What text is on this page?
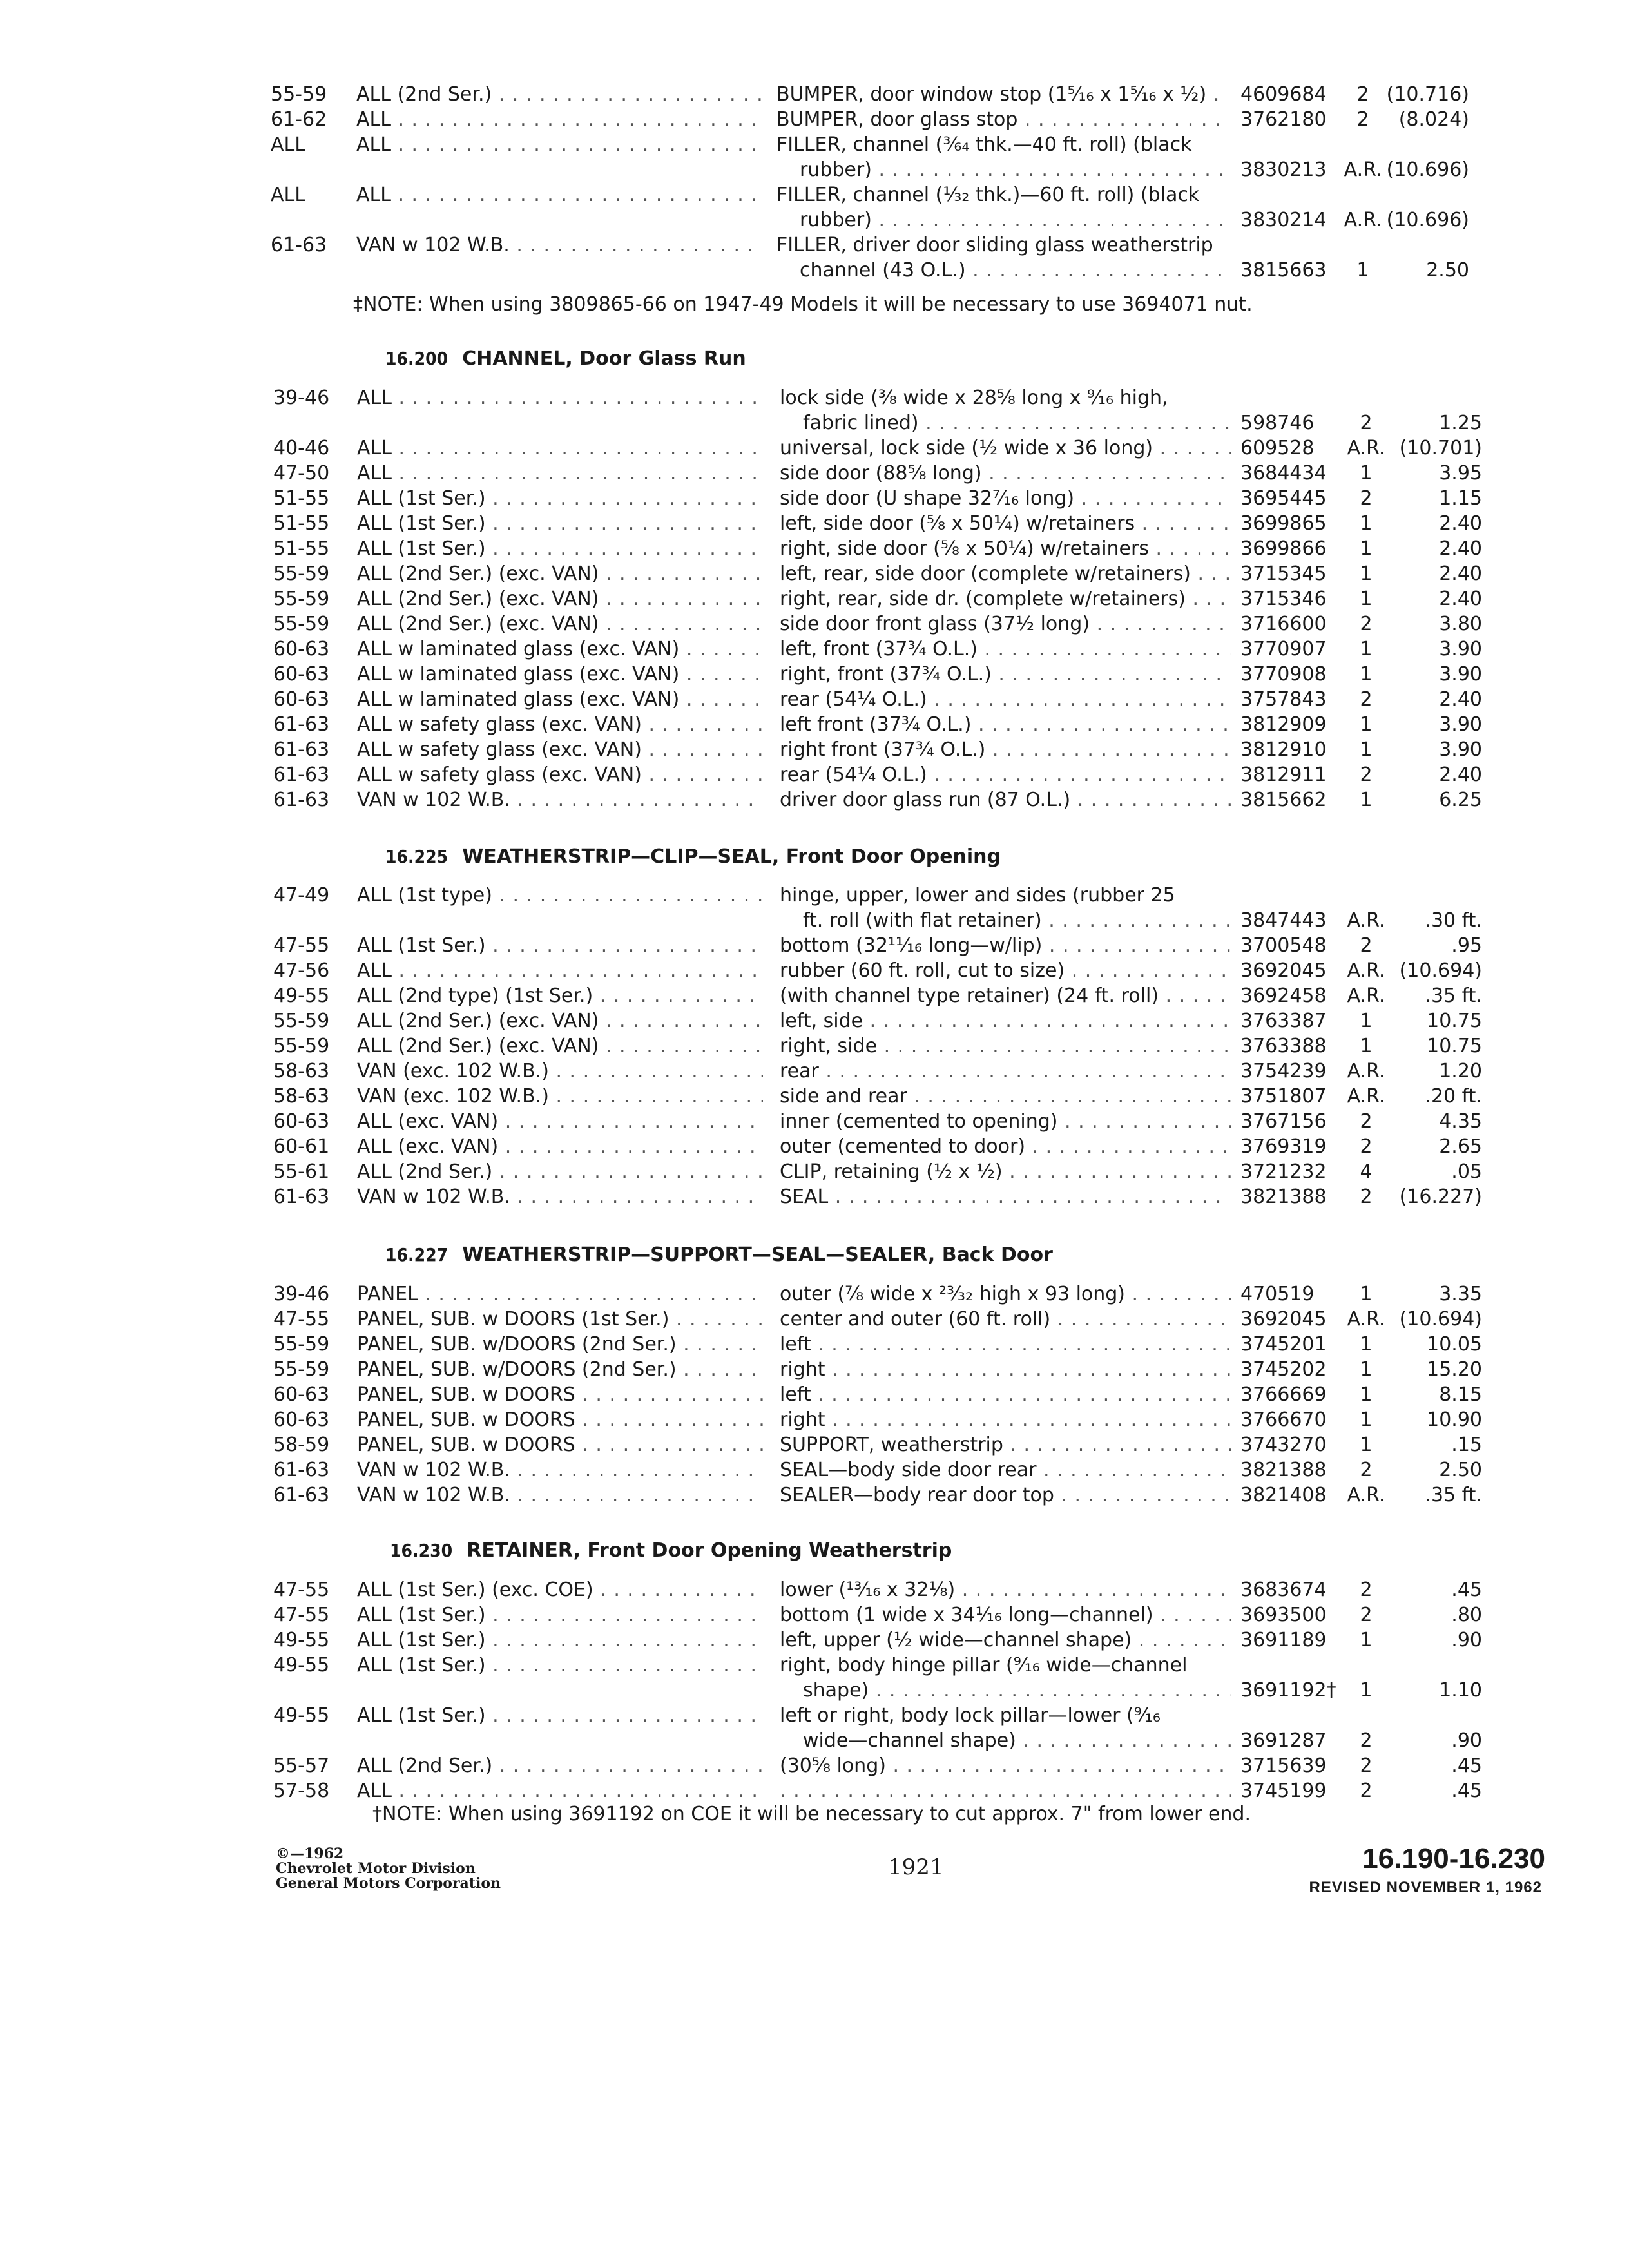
55-59	ALL (2nd Ser.) . . .	BUMPER, door window stop (1⁵⁄₁₆ x 1⁵⁄₁₆ x ½) . . .	4609684	2 (10.716)
61-62	ALL . . .	BUMPER, door glass stop . . .	3762180	2	(8.024)
ALL	ALL . . .	FILLER, channel (³⁄₆₄ thk.—40 ft. roll) (black
rubber) . . .	3830213 A.R. (10.696)
ALL	ALL . . .	FILLER, channel (¹⁄₃₂ thk.)—60 ft. roll) (black
rubber) . . .	3830214 A.R. (10.696)
61-63	VAN w 102 W.B. . . .	FILLER, driver door sliding glass weatherstrip
channel (43 O.L.) . . .	3815663	1	2.50
‡NOTE: When using 3809865-66 on 1947-49 Models it will be necessary to use 3694071 nut.
16.200 CHANNEL, Door Glass Run
39-46	ALL . . .	lock side (⅜ wide x 28⅝ long x ⁹⁄₁₆ high,
fabric lined) . . .	598746	2	1.25
40-46	ALL . . .	universal, lock side (½ wide x 36 long) . . .	609528	A.R. (10.701)
47-50	ALL . . .	side door (88⅝ long) . . .	3684434	1	3.95
51-55	ALL (1st Ser.) . . .	side door (U shape 32⁷⁄₁₆ long) . . .	3695445	2	1.15
51-55	ALL (1st Ser.) . . .	left, side door (⅝ x 50¼) w/retainers . . .	3699865	1	2.40
51-55	ALL (1st Ser.) . . .	right, side door (⅝ x 50¼) w/retainers . . .	3699866	1	2.40
55-59	ALL (2nd Ser.) (exc. VAN) . . .	left, rear, side door (complete w/retainers) . . .	3715345	1	2.40
55-59	ALL (2nd Ser.) (exc. VAN) . . .	right, rear, side dr. (complete w/retainers) . . .	3715346	1	2.40
55-59	ALL (2nd Ser.) (exc. VAN) . . .	side door front glass (37½ long) . . .	3716600	2	3.80
60-63	ALL w laminated glass (exc. VAN) . . .	left, front (37¾ O.L.) . . .	3770907	1	3.90
60-63	ALL w laminated glass (exc. VAN) . . .	right, front (37¾ O.L.) . . .	3770908	1	3.90
60-63	ALL w laminated glass (exc. VAN) . . .	rear (54¼ O.L.) . . .	3757843	2	2.40
61-63	ALL w safety glass (exc. VAN) . . .	left front (37¾ O.L.) . . .	3812909	1	3.90
61-63	ALL w safety glass (exc. VAN) . . .	right front (37¾ O.L.) . . .	3812910	1	3.90
61-63	ALL w safety glass (exc. VAN) . . .	rear (54¼ O.L.) . . .	3812911	2	2.40
61-63	VAN w 102 W.B. . . .	driver door glass run (87 O.L.) . . .	3815662	1	6.25
16.225 WEATHERSTRIP—CLIP—SEAL, Front Door Opening
47-49	ALL (1st type) . . .	hinge, upper, lower and sides (rubber 25
ft. roll (with flat retainer) . . .	3847443	A.R.	.30 ft.
47-55	ALL (1st Ser.) . . .	bottom (32¹¹⁄₁₆ long—w/lip) . . .	3700548	2	.95
47-56	ALL . . .	rubber (60 ft. roll, cut to size) . . .	3692045	A.R. (10.694)
49-55	ALL (2nd type) (1st Ser.) . . .	(with channel type retainer) (24 ft. roll) . . .	3692458	A.R.	.35 ft.
55-59	ALL (2nd Ser.) (exc. VAN) . . .	left, side . . .	3763387	1	10.75
55-59	ALL (2nd Ser.) (exc. VAN) . . .	right, side . . .	3763388	1	10.75
58-63	VAN (exc. 102 W.B.) . . .	rear . . .	3754239	A.R.	1.20
58-63	VAN (exc. 102 W.B.) . . .	side and rear . . .	3751807	A.R.	.20 ft.
60-63	ALL (exc. VAN) . . .	inner (cemented to opening) . . .	3767156	2	4.35
60-61	ALL (exc. VAN) . . .	outer (cemented to door) . . .	3769319	2	2.65
55-61	ALL (2nd Ser.) . . .	CLIP, retaining (½ x ½) . . .	3721232	4	.05
61-63	VAN w 102 W.B. . . .	SEAL . . .	3821388	2	(16.227)
16.227 WEATHERSTRIP—SUPPORT—SEAL—SEALER, Back Door
39-46	PANEL . . .	outer (⅞ wide x ²³⁄₃₂ high x 93 long) . . .	470519	1	3.35
47-55	PANEL, SUB. w DOORS (1st Ser.) . . .	center and outer (60 ft. roll) . . .	3692045	A.R. (10.694)
55-59	PANEL, SUB. w/DOORS (2nd Ser.) . . .	left . . .	3745201	1	10.05
55-59	PANEL, SUB. w/DOORS (2nd Ser.) . . .	right . . .	3745202	1	15.20
60-63	PANEL, SUB. w DOORS . . .	left . . .	3766669	1	8.15
60-63	PANEL, SUB. w DOORS . . .	right . . .	3766670	1	10.90
58-59	PANEL, SUB. w DOORS . . .	SUPPORT, weatherstrip . . .	3743270	1	.15
61-63	VAN w 102 W.B. . . .	SEAL—body side door rear . . .	3821388	2	2.50
61-63	VAN w 102 W.B. . . .	SEALER—body rear door top . . .	3821408	A.R.	.35 ft.
16.230 RETAINER, Front Door Opening Weatherstrip
47-55	ALL (1st Ser.) (exc. COE) . . .	lower (¹³⁄₁₆ x 32⅛) . . .	3683674	2	.45
47-55	ALL (1st Ser.) . . .	bottom (1 wide x 34¹⁄₁₆ long—channel) . . .	3693500	2	.80
49-55	ALL (1st Ser.) . . .	left, upper (½ wide—channel shape) . . .	3691189	1	.90
49-55	ALL (1st Ser.) . . .	right, body hinge pillar (⁹⁄₁₆ wide—channel
shape) . . .	3691192†	1	1.10
49-55	ALL (1st Ser.) . . .	left or right, body lock pillar—lower (⁹⁄₁₆
wide—channel shape) . . .	3691287	2	.90
55-57	ALL (2nd Ser.) . . .	(30⅝ long) . . .	3715639	2	.45
57-58	ALL . . .
. . .	3745199	2	.45
†NOTE: When using 3691192 on COE it will be necessary to cut approx. 7" from lower end.
©—1962
Chevrolet Motor Division
General Motors Corporation
1921	16.190-16.230
REVISED NOVEMBER 1, 1962
